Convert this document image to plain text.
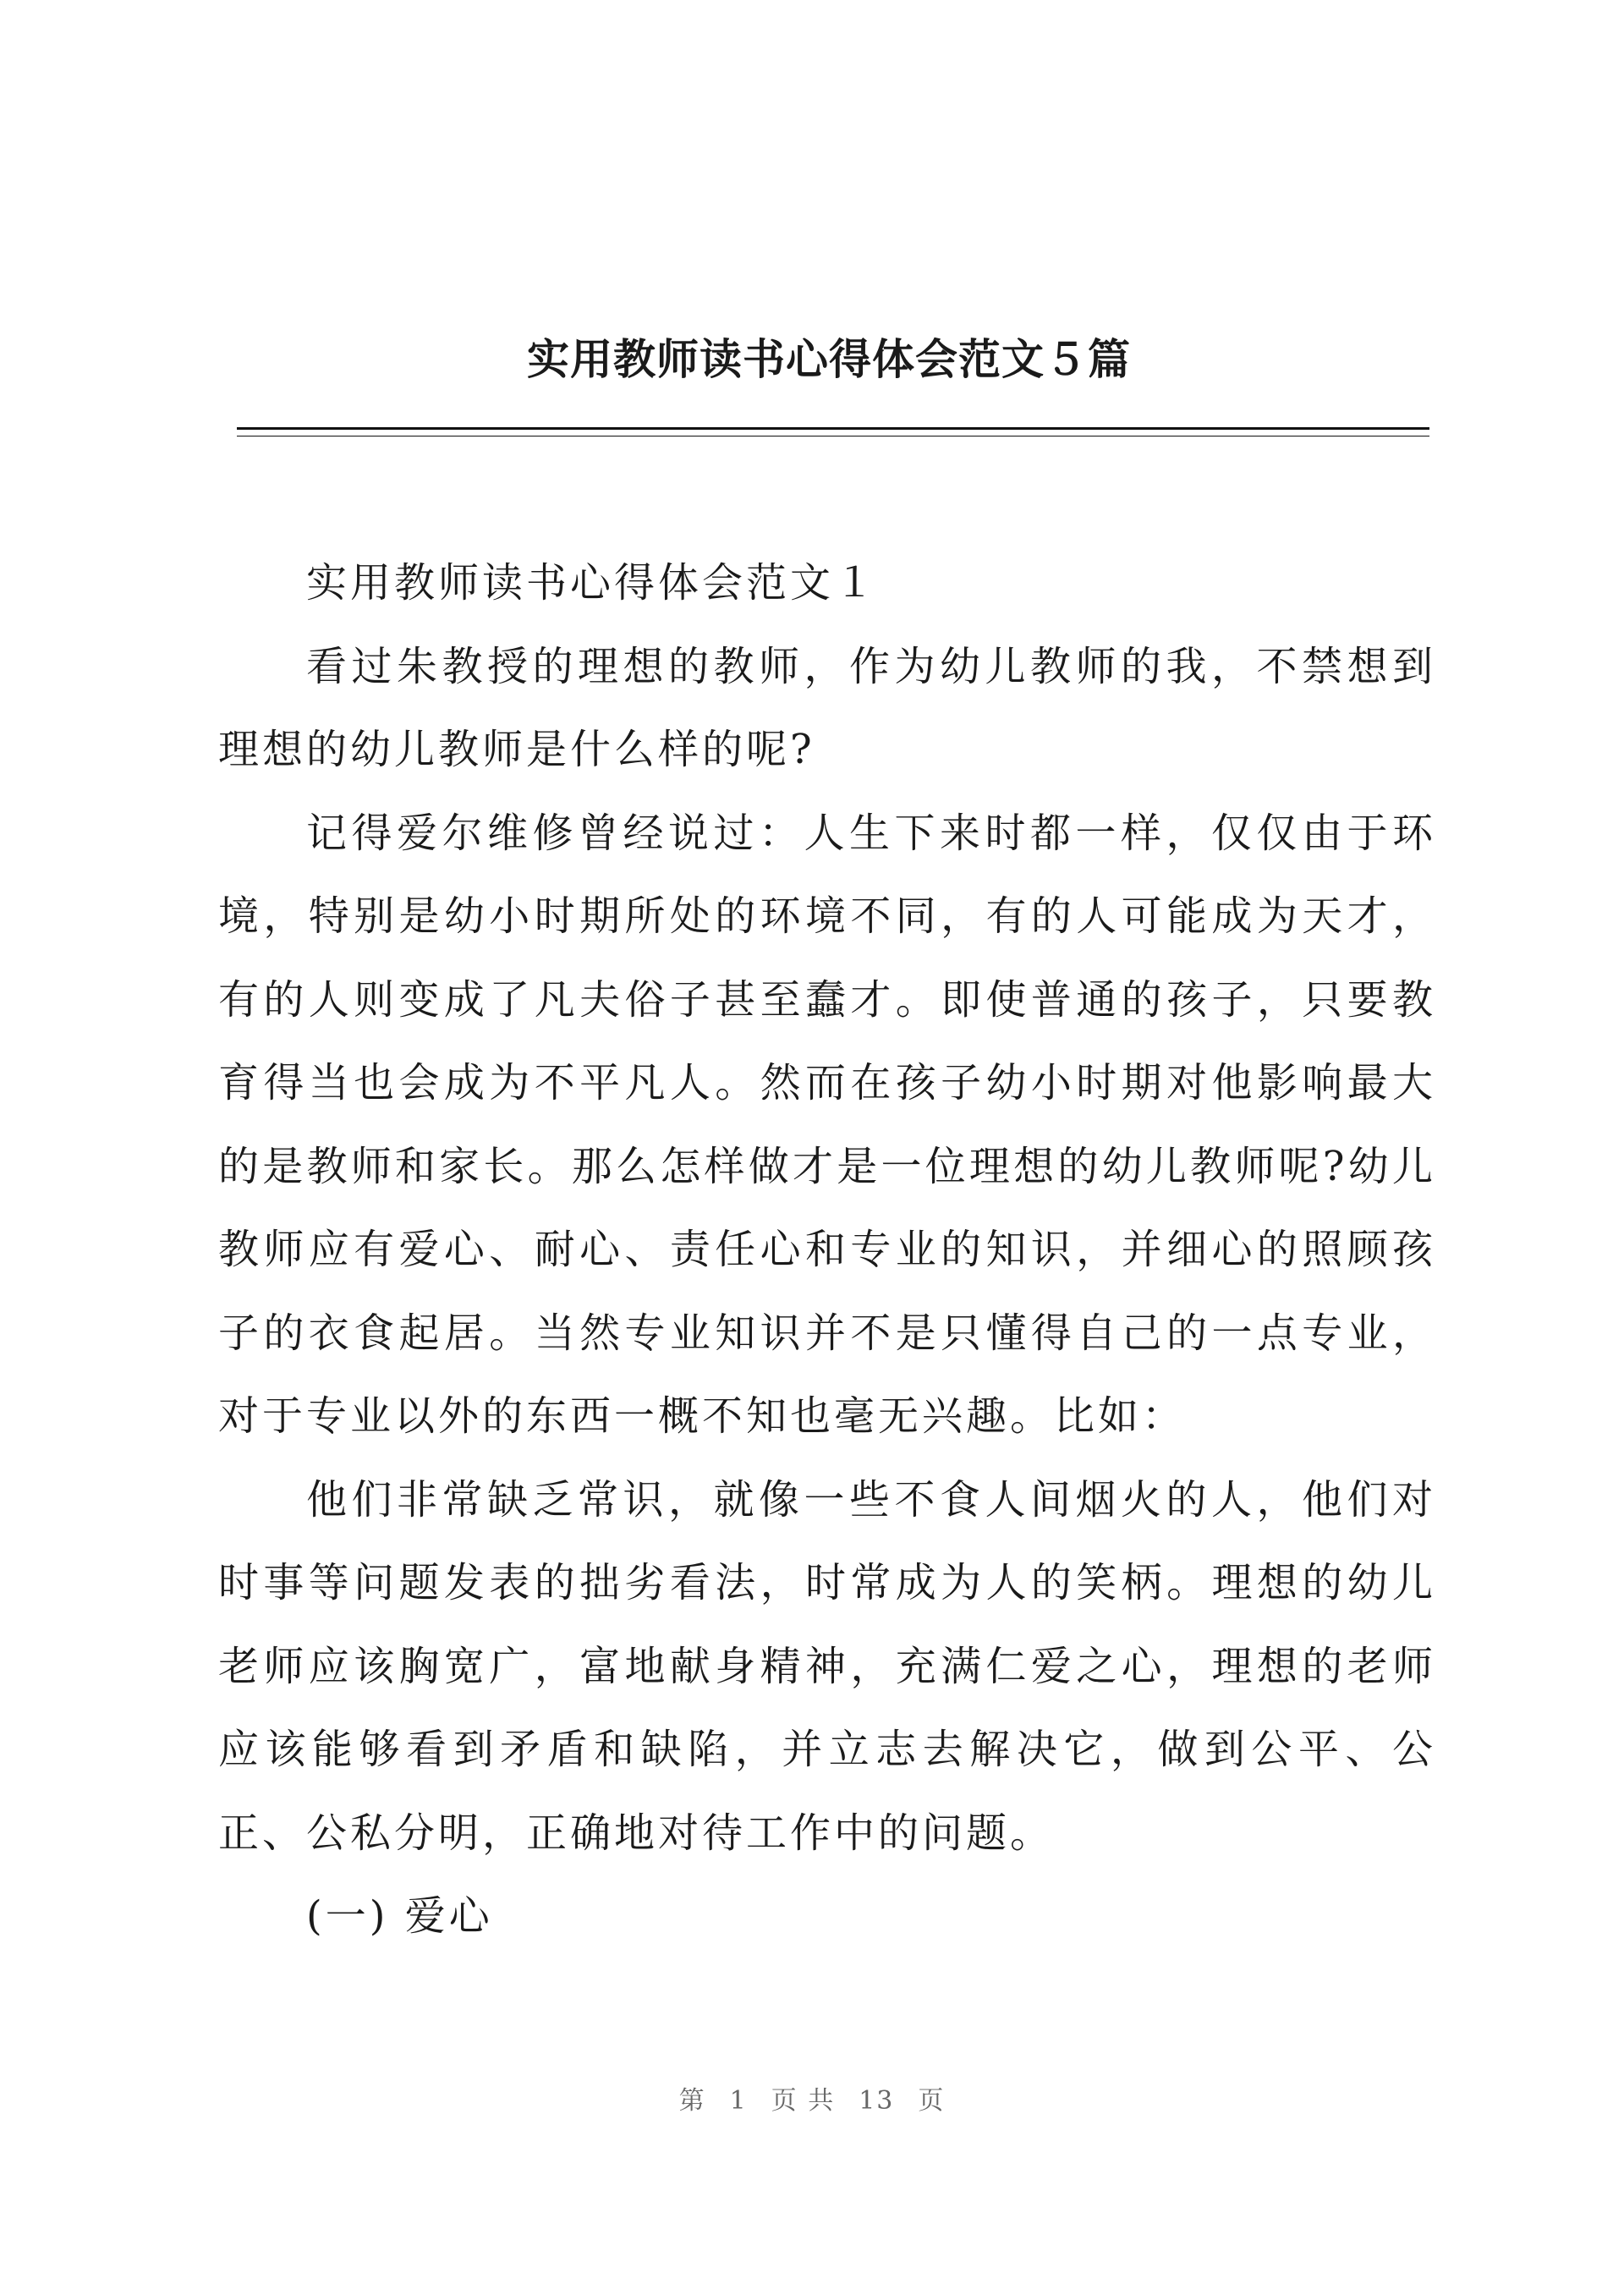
实用教师读书心得体会范文５篇

实用教师读书心得体会范文１

看过朱教授的理想的教师，作为幼儿教师的我，不禁想到理想的幼儿教师是什么样的呢?

记得爱尔维修曾经说过：人生下来时都一样，仅仅由于环境，特别是幼小时期所处的环境不同，有的人可能成为天才，有的人则变成了凡夫俗子甚至蠢才。即使普通的孩子，只要教育得当也会成为不平凡人。然而在孩子幼小时期对他影响最大的是教师和家长。那么怎样做才是一位理想的幼儿教师呢?幼儿教师应有爱心、耐心、责任心和专业的知识，并细心的照顾孩子的衣食起居。当然专业知识并不是只懂得自己的一点专业，对于专业以外的东西一概不知也毫无兴趣。比如：

他们非常缺乏常识，就像一些不食人间烟火的人，他们对时事等问题发表的拙劣看法，时常成为人的笑柄。理想的幼儿老师应该胸宽广，富地献身精神，充满仁爱之心，理想的老师应该能够看到矛盾和缺陷，并立志去解决它，做到公平、公正、公私分明，正确地对待工作中的问题。

(一) 爱心

第 1 页 共 13 页
